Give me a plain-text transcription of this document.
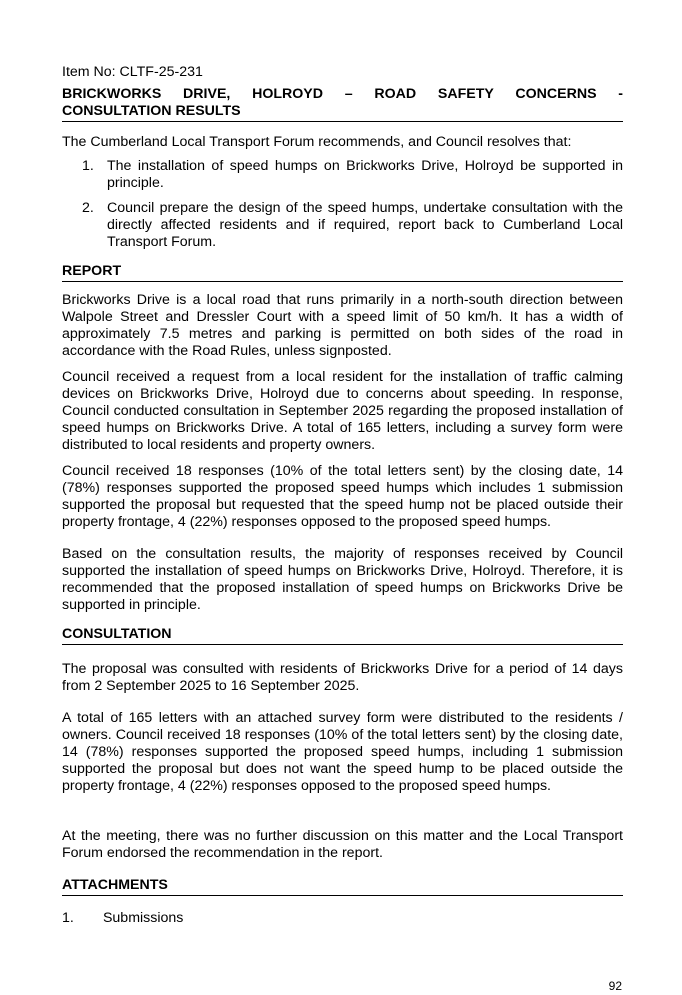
Item No: CLTF-25-231
BRICKWORKS DRIVE, HOLROYD – ROAD SAFETY CONCERNS -
CONSULTATION RESULTS
The Cumberland Local Transport Forum recommends, and Council resolves that:
1. The installation of speed humps on Brickworks Drive, Holroyd be supported in principle.
2. Council prepare the design of the speed humps, undertake consultation with the directly affected residents and if required, report back to Cumberland Local Transport Forum.
REPORT
Brickworks Drive is a local road that runs primarily in a north-south direction between Walpole Street and Dressler Court with a speed limit of 50 km/h. It has a width of approximately 7.5 metres and parking is permitted on both sides of the road in accordance with the Road Rules, unless signposted.
Council received a request from a local resident for the installation of traffic calming devices on Brickworks Drive, Holroyd due to concerns about speeding. In response, Council conducted consultation in September 2025 regarding the proposed installation of speed humps on Brickworks Drive. A total of 165 letters, including a survey form were distributed to local residents and property owners.
Council received 18 responses (10% of the total letters sent) by the closing date, 14 (78%) responses supported the proposed speed humps which includes 1 submission supported the proposal but requested that the speed hump not be placed outside their property frontage, 4 (22%) responses opposed to the proposed speed humps.
Based on the consultation results, the majority of responses received by Council supported the installation of speed humps on Brickworks Drive, Holroyd. Therefore, it is recommended that the proposed installation of speed humps on Brickworks Drive be supported in principle.
CONSULTATION
The proposal was consulted with residents of Brickworks Drive for a period of 14 days from 2 September 2025 to 16 September 2025.
A total of 165 letters with an attached survey form were distributed to the residents / owners. Council received 18 responses (10% of the total letters sent) by the closing date, 14 (78%) responses supported the proposed speed humps, including 1 submission supported the proposal but does not want the speed hump to be placed outside the property frontage, 4 (22%) responses opposed to the proposed speed humps.
At the meeting, there was no further discussion on this matter and the Local Transport Forum endorsed the recommendation in the report.
ATTACHMENTS
1. Submissions
92
